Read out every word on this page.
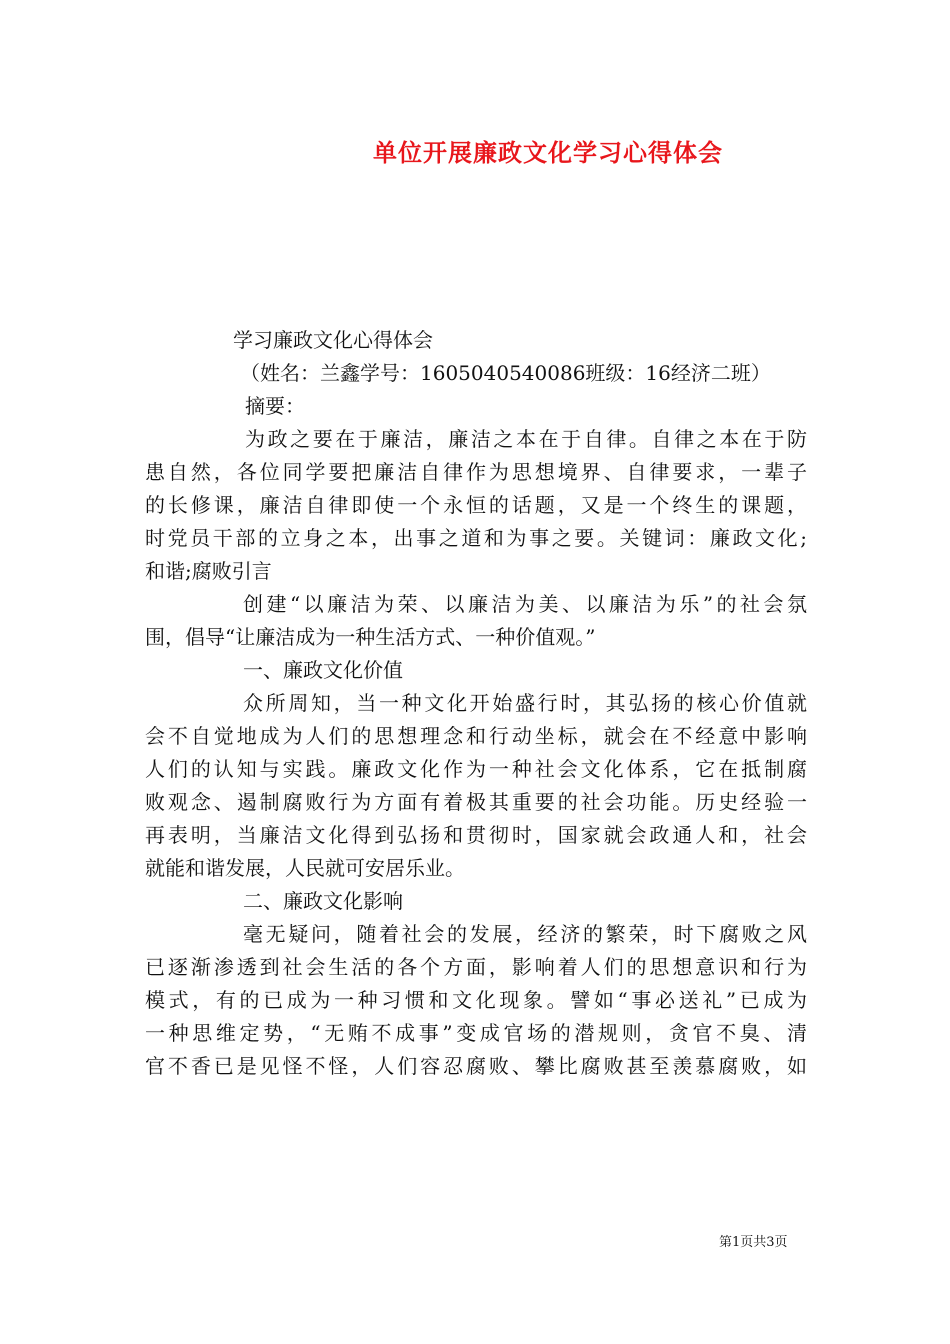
单位开展廉政文化学习心得体会
学习廉政文化心得体会
（姓名：兰鑫学号：1605040540086班级：16经济二班）
摘要：
为政之要在于廉洁，廉洁之本在于自律。自律之本在于防
患自然，各位同学要把廉洁自律作为思想境界、自律要求，一辈子
的长修课，廉洁自律即使一个永恒的话题，又是一个终生的课题，
时党员干部的立身之本，出事之道和为事之要。关键词：廉政文化;
和谐;腐败引言
创建“以廉洁为荣、以廉洁为美、以廉洁为乐”的社会氛
围，倡导“让廉洁成为一种生活方式、一种价值观。”
一、廉政文化价值
众所周知，当一种文化开始盛行时，其弘扬的核心价值就
会不自觉地成为人们的思想理念和行动坐标，就会在不经意中影响
人们的认知与实践。廉政文化作为一种社会文化体系，它在抵制腐
败观念、遏制腐败行为方面有着极其重要的社会功能。历史经验一
再表明，当廉洁文化得到弘扬和贯彻时，国家就会政通人和，社会
就能和谐发展，人民就可安居乐业。
二、廉政文化影响
毫无疑问，随着社会的发展，经济的繁荣，时下腐败之风
已逐渐渗透到社会生活的各个方面，影响着人们的思想意识和行为
模式，有的已成为一种习惯和文化现象。譬如“事必送礼”已成为
一种思维定势，“无贿不成事”变成官场的潜规则，贪官不臭、清
官不香已是见怪不怪，人们容忍腐败、攀比腐败甚至羡慕腐败，如
第1页共3页
